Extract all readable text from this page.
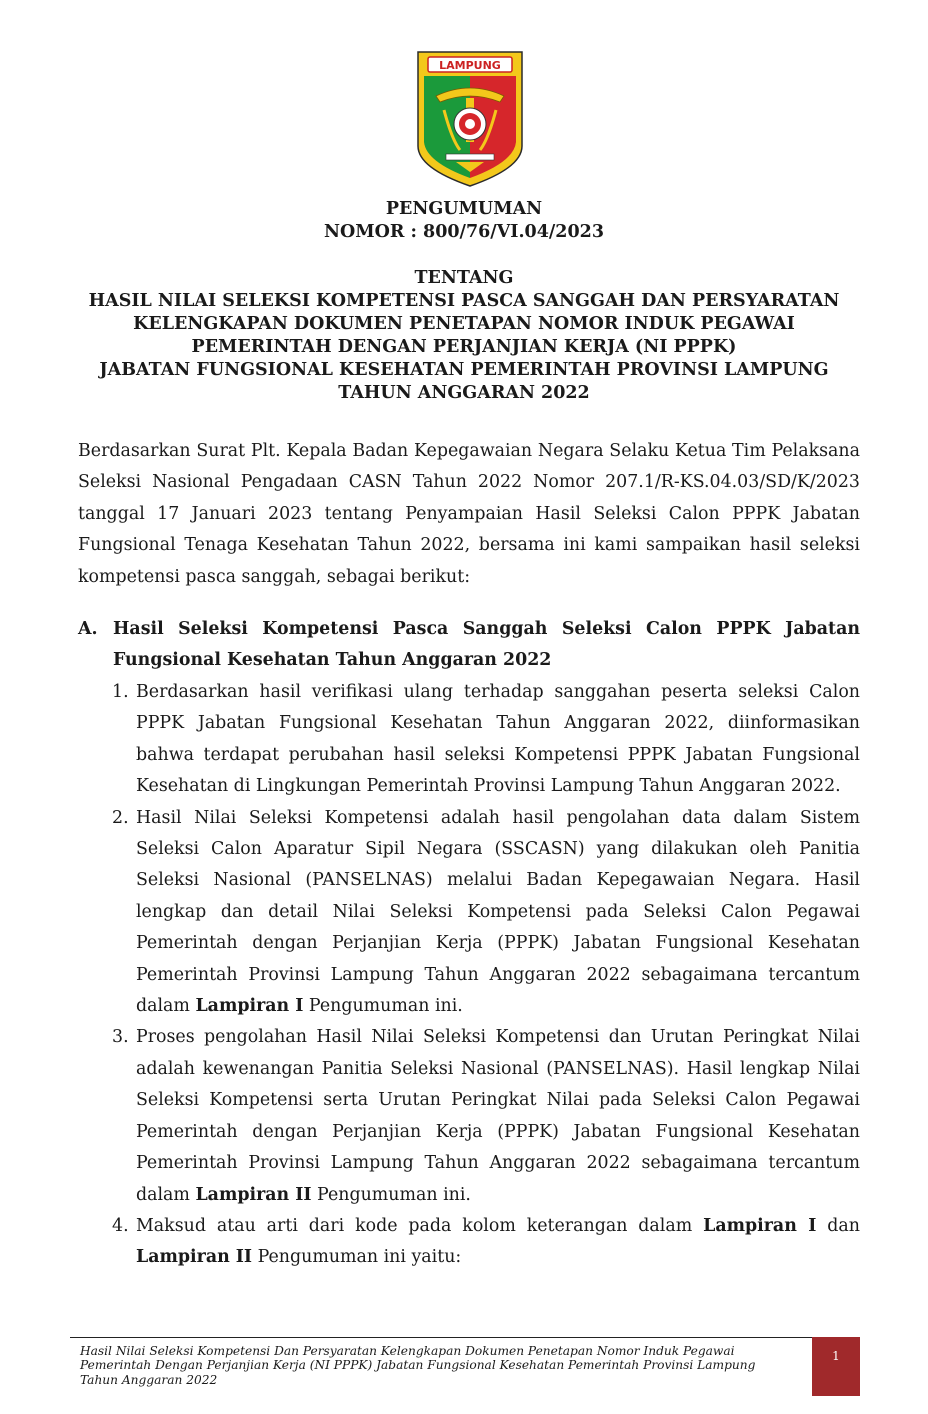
LAMPUNG
PENGUMUMAN
NOMOR : 800/76/VI.04/2023
TENTANG
HASIL NILAI SELEKSI KOMPETENSI PASCA SANGGAH DAN PERSYARATAN
KELENGKAPAN DOKUMEN PENETAPAN NOMOR INDUK PEGAWAI
PEMERINTAH DENGAN PERJANJIAN KERJA (NI PPPK)
JABATAN FUNGSIONAL KESEHATAN PEMERINTAH PROVINSI LAMPUNG
TAHUN ANGGARAN 2022
Berdasarkan Surat Plt. Kepala Badan Kepegawaian Negara Selaku Ketua Tim Pelaksana Seleksi Nasional Pengadaan CASN Tahun 2022 Nomor 207.1/R-KS.04.03/SD/K/2023 tanggal 17 Januari 2023 tentang Penyampaian Hasil Seleksi Calon PPPK Jabatan Fungsional Tenaga Kesehatan Tahun 2022, bersama ini kami sampaikan hasil seleksi kompetensi pasca sanggah, sebagai berikut:
A. Hasil Seleksi Kompetensi Pasca Sanggah Seleksi Calon PPPK Jabatan Fungsional Kesehatan Tahun Anggaran 2022
1. Berdasarkan hasil verifikasi ulang terhadap sanggahan peserta seleksi Calon PPPK Jabatan Fungsional Kesehatan Tahun Anggaran 2022, diinformasikan bahwa terdapat perubahan hasil seleksi Kompetensi PPPK Jabatan Fungsional Kesehatan di Lingkungan Pemerintah Provinsi Lampung Tahun Anggaran 2022.
2. Hasil Nilai Seleksi Kompetensi adalah hasil pengolahan data dalam Sistem Seleksi Calon Aparatur Sipil Negara (SSCASN) yang dilakukan oleh Panitia Seleksi Nasional (PANSELNAS) melalui Badan Kepegawaian Negara. Hasil lengkap dan detail Nilai Seleksi Kompetensi pada Seleksi Calon Pegawai Pemerintah dengan Perjanjian Kerja (PPPK) Jabatan Fungsional Kesehatan Pemerintah Provinsi Lampung Tahun Anggaran 2022 sebagaimana tercantum dalam Lampiran I Pengumuman ini.
3. Proses pengolahan Hasil Nilai Seleksi Kompetensi dan Urutan Peringkat Nilai adalah kewenangan Panitia Seleksi Nasional (PANSELNAS). Hasil lengkap Nilai Seleksi Kompetensi serta Urutan Peringkat Nilai pada Seleksi Calon Pegawai Pemerintah dengan Perjanjian Kerja (PPPK) Jabatan Fungsional Kesehatan Pemerintah Provinsi Lampung Tahun Anggaran 2022 sebagaimana tercantum dalam Lampiran II Pengumuman ini.
4. Maksud atau arti dari kode pada kolom keterangan dalam Lampiran I dan Lampiran II Pengumuman ini yaitu:
Hasil Nilai Seleksi Kompetensi Dan Persyaratan Kelengkapan Dokumen Penetapan Nomor Induk Pegawai
Pemerintah Dengan Perjanjian Kerja (NI PPPK) Jabatan Fungsional Kesehatan Pemerintah Provinsi Lampung
Tahun Anggaran 2022
1
